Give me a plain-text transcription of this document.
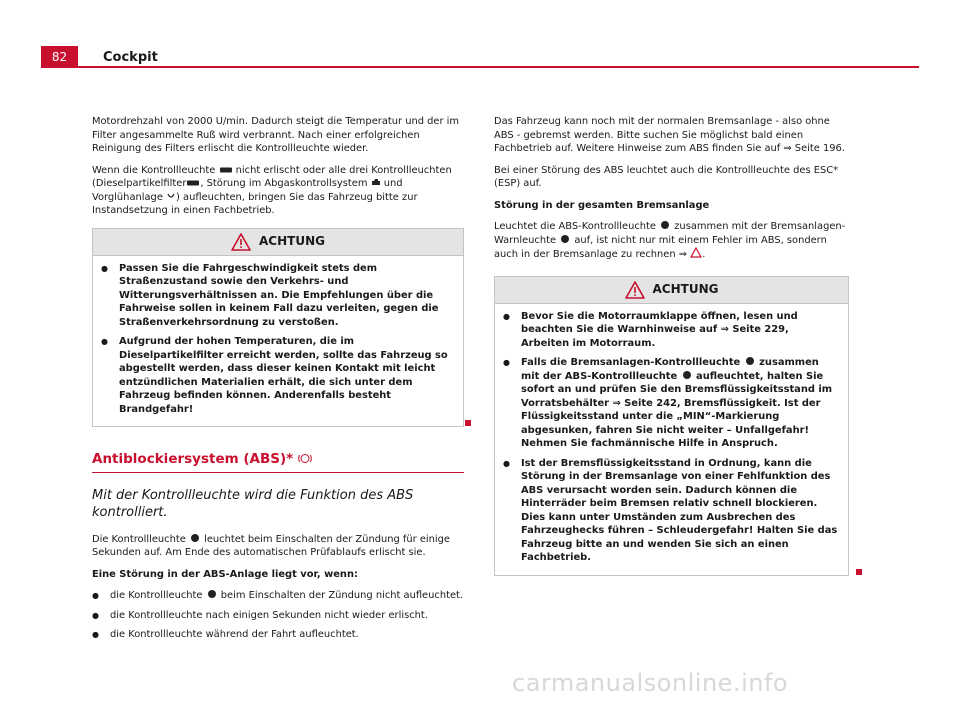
82	Cockpit

Motordrehzahl von 2000 U/min. Dadurch steigt die Temperatur und der im Filter angesammelte Ruß wird verbrannt. Nach einer erfolgreichen Reinigung des Filters erlischt die Kontrollleuchte wieder.

Wenn die Kontrollleuchte nicht erlischt oder alle drei Kontrollleuchten (Dieselpartikelfilter , Störung im Abgaskontrollsystem und Vorglühanlage ) aufleuchten, bringen Sie das Fahrzeug bitte zur Instandsetzung in einen Fachbetrieb.

ACHTUNG
● Passen Sie die Fahrgeschwindigkeit stets dem Straßenzustand sowie den Verkehrs- und Witterungsverhältnissen an. Die Empfehlungen über die Fahrweise sollen in keinem Fall dazu verleiten, gegen die Straßenverkehrsordnung zu verstoßen.
● Aufgrund der hohen Temperaturen, die im Dieselpartikelfilter erreicht werden, sollte das Fahrzeug so abgestellt werden, dass dieser keinen Kontakt mit leicht entzündlichen Materialien erhält, die sich unter dem Fahrzeug befinden können. Anderenfalls besteht Brandgefahr!
Antiblockiersystem (ABS)*
Mit der Kontrollleuchte wird die Funktion des ABS kontrolliert.

Die Kontrollleuchte leuchtet beim Einschalten der Zündung für einige Sekunden auf. Am Ende des automatischen Prüfablaufs erlischt sie.

Eine Störung in der ABS-Anlage liegt vor, wenn:

● die Kontrollleuchte beim Einschalten der Zündung nicht aufleuchtet.
● die Kontrollleuchte nach einigen Sekunden nicht wieder erlischt.
● die Kontrollleuchte während der Fahrt aufleuchtet.

Das Fahrzeug kann noch mit der normalen Bremsanlage - also ohne ABS - gebremst werden. Bitte suchen Sie möglichst bald einen Fachbetrieb auf. Weitere Hinweise zum ABS finden Sie auf ⇒ Seite 196.

Bei einer Störung des ABS leuchtet auch die Kontrollleuchte des ESC* (ESP) auf.

Störung in der gesamten Bremsanlage

Leuchtet die ABS-Kontrollleuchte zusammen mit der Bremsanlagen-Warnleuchte auf, ist nicht nur mit einem Fehler im ABS, sondern auch in der Bremsanlage zu rechnen ⇒ .

ACHTUNG
● Bevor Sie die Motorraumklappe öffnen, lesen und beachten Sie die Warnhinweise auf ⇒ Seite 229, Arbeiten im Motorraum.
● Falls die Bremsanlagen-Kontrollleuchte zusammen mit der ABS-Kontrollleuchte aufleuchtet, halten Sie sofort an und prüfen Sie den Bremsflüssigkeitsstand im Vorratsbehälter ⇒ Seite 242, Bremsflüssigkeit. Ist der Flüssigkeitsstand unter die „MIN“-Markierung abgesunken, fahren Sie nicht weiter – Unfallgefahr! Nehmen Sie fachmännische Hilfe in Anspruch.
● Ist der Bremsflüssigkeitsstand in Ordnung, kann die Störung in der Bremsanlage von einer Fehlfunktion des ABS verursacht worden sein. Dadurch können die Hinterräder beim Bremsen relativ schnell blockieren. Dies kann unter Umständen zum Ausbrechen des Fahrzeughecks führen – Schleudergefahr! Halten Sie das Fahrzeug bitte an und wenden Sie sich an einen Fachbetrieb.
carmanualsonline.info
